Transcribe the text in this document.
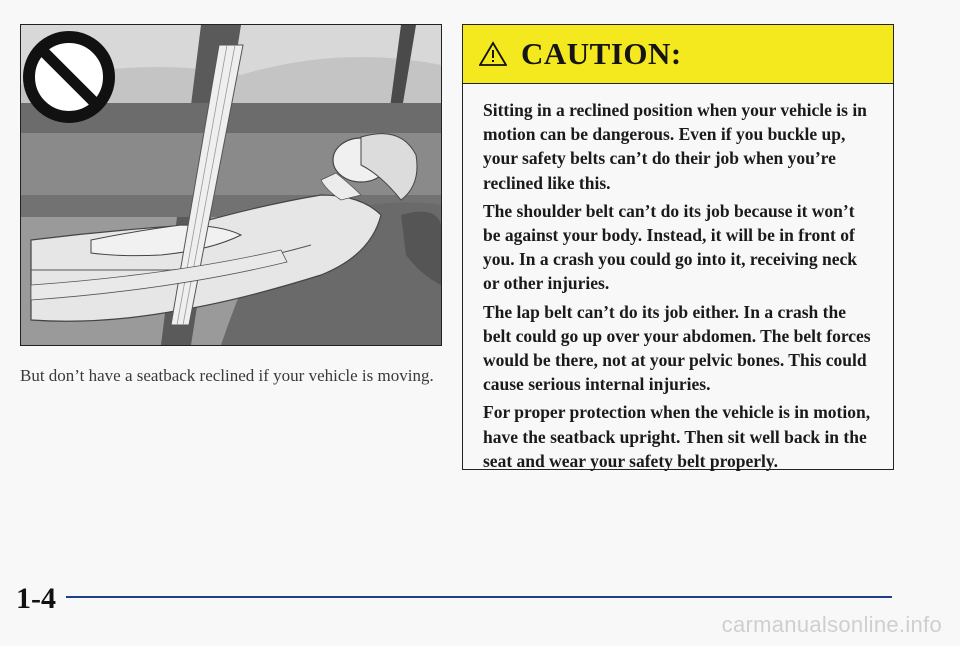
But don’t have a seatback reclined if your vehicle is moving.

CAUTION:

Sitting in a reclined position when your vehicle is in motion can be dangerous. Even if you buckle up, your safety belts can’t do their job when you’re reclined like this.

The shoulder belt can’t do its job because it won’t be against your body. Instead, it will be in front of you. In a crash you could go into it, receiving neck or other injuries.

The lap belt can’t do its job either. In a crash the belt could go up over your abdomen. The belt forces would be there, not at your pelvic bones. This could cause serious internal injuries.

For proper protection when the vehicle is in motion, have the seatback upright. Then sit well back in the seat and wear your safety belt properly.

1-4
carmanualsonline.info
